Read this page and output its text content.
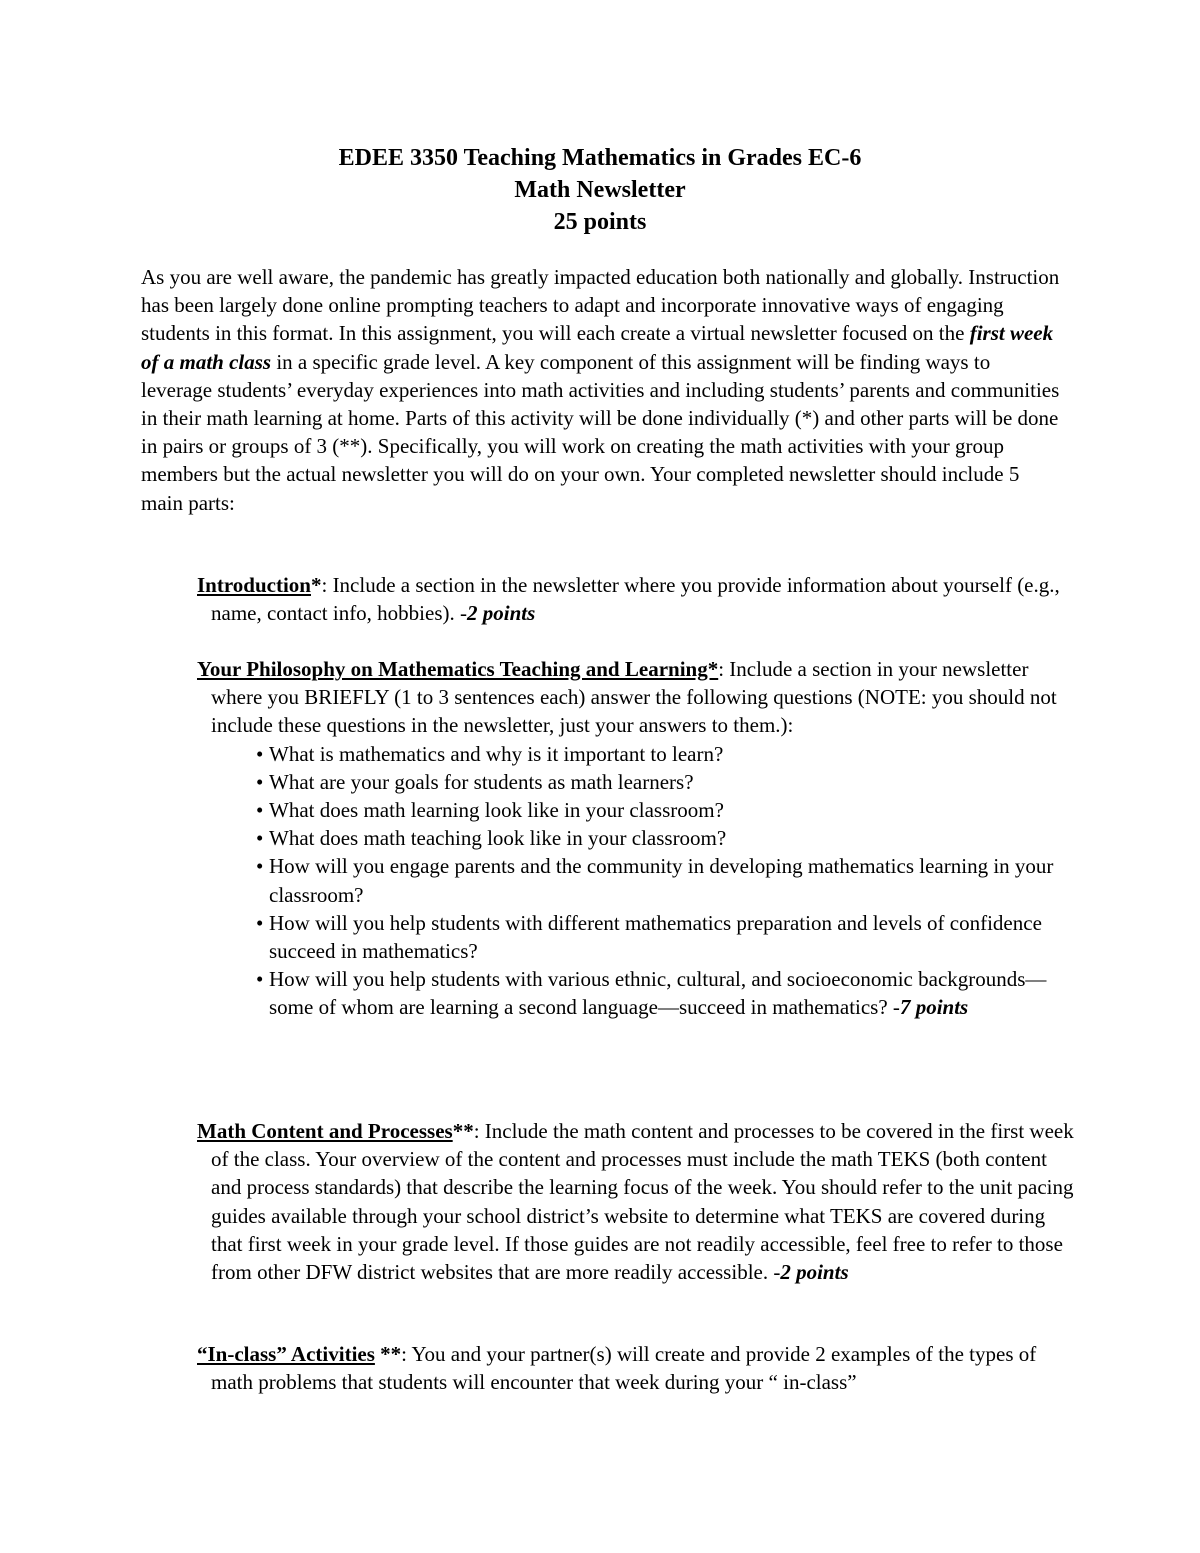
EDEE 3350 Teaching Mathematics in Grades EC-6
Math Newsletter
25 points
As you are well aware, the pandemic has greatly impacted education both nationally and globally. Instruction has been largely done online prompting teachers to adapt and incorporate innovative ways of engaging students in this format. In this assignment, you will each create a virtual newsletter focused on the first week of a math class in a specific grade level. A key component of this assignment will be finding ways to leverage students’ everyday experiences into math activities and including students’ parents and communities in their math learning at home. Parts of this activity will be done individually (*) and other parts will be done in pairs or groups of 3 (**). Specifically, you will work on creating the math activities with your group members but the actual newsletter you will do on your own. Your completed newsletter should include 5 main parts:
Introduction*: Include a section in the newsletter where you provide information about yourself (e.g., name, contact info, hobbies). -2 points
Your Philosophy on Mathematics Teaching and Learning*: Include a section in your newsletter where you BRIEFLY (1 to 3 sentences each) answer the following questions (NOTE: you should not include these questions in the newsletter, just your answers to them.):
• What is mathematics and why is it important to learn?
• What are your goals for students as math learners?
• What does math learning look like in your classroom?
• What does math teaching look like in your classroom?
• How will you engage parents and the community in developing mathematics learning in your classroom?
• How will you help students with different mathematics preparation and levels of confidence succeed in mathematics?
• How will you help students with various ethnic, cultural, and socioeconomic backgrounds—some of whom are learning a second language—succeed in mathematics? -7 points
Math Content and Processes**: Include the math content and processes to be covered in the first week of the class. Your overview of the content and processes must include the math TEKS (both content and process standards) that describe the learning focus of the week. You should refer to the unit pacing guides available through your school district’s website to determine what TEKS are covered during that first week in your grade level. If those guides are not readily accessible, feel free to refer to those from other DFW district websites that are more readily accessible. -2 points
“In-class” Activities **: You and your partner(s) will create and provide 2 examples of the types of math problems that students will encounter that week during your “ in-class”
